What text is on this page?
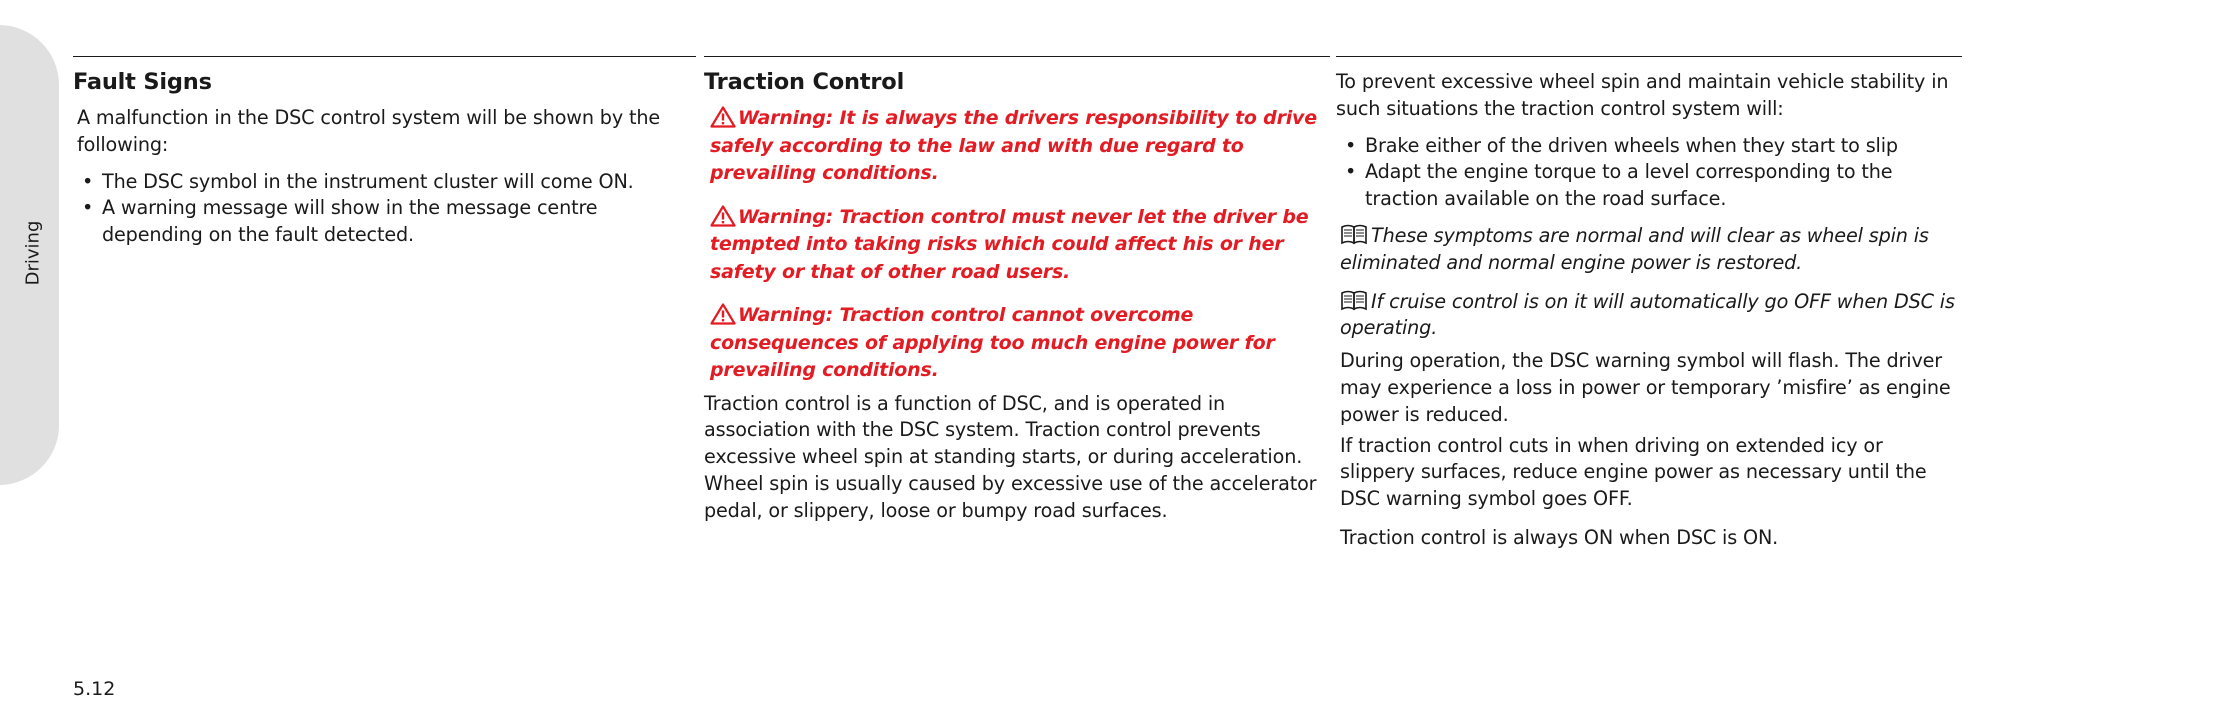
Driving
Fault Signs

A malfunction in the DSC control system will be shown by the following:

• The DSC symbol in the instrument cluster will come ON.
• A warning message will show in the message centre depending on the fault detected.
Traction Control

Warning: It is always the drivers responsibility to drive safely according to the law and with due regard to prevailing conditions.

Warning: Traction control must never let the driver be tempted into taking risks which could affect his or her safety or that of other road users.

Warning: Traction control cannot overcome consequences of applying too much engine power for prevailing conditions.

Traction control is a function of DSC, and is operated in association with the DSC system. Traction control prevents excessive wheel spin at standing starts, or during acceleration. Wheel spin is usually caused by excessive use of the accelerator pedal, or slippery, loose or bumpy road surfaces.

To prevent excessive wheel spin and maintain vehicle stability in such situations the traction control system will:

• Brake either of the driven wheels when they start to slip
• Adapt the engine torque to a level corresponding to the traction available on the road surface.

These symptoms are normal and will clear as wheel spin is eliminated and normal engine power is restored.

If cruise control is on it will automatically go OFF when DSC is operating.

During operation, the DSC warning symbol will flash. The driver may experience a loss in power or temporary ’misfire’ as engine power is reduced.

If traction control cuts in when driving on extended icy or slippery surfaces, reduce engine power as necessary until the DSC warning symbol goes OFF.

Traction control is always ON when DSC is ON.

5.12
